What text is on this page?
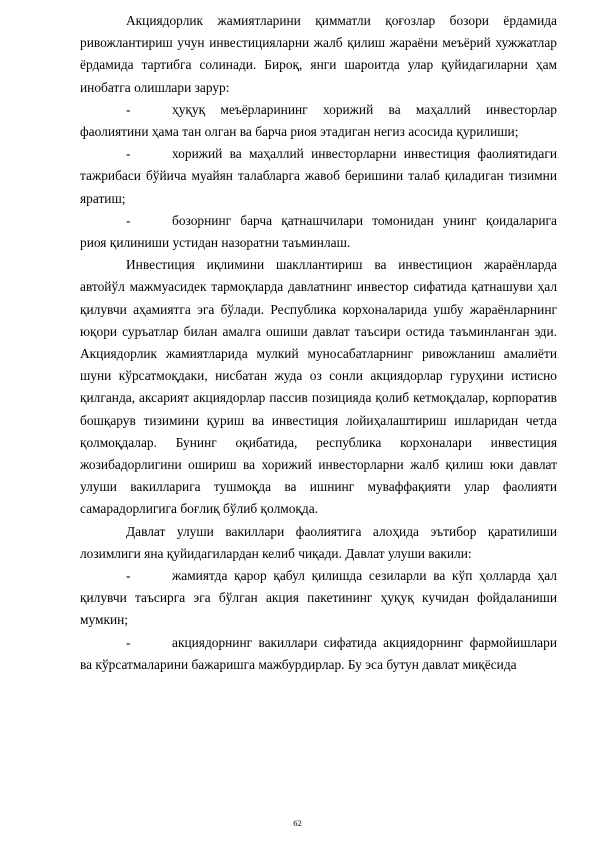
Акциядорлик жамиятларини қимматли қоғозлар бозори ёрдамида ривожлантириш учун инвестицияларни жалб қилиш жараёни меъёрий хужжатлар ёрдамида тартибга солинади. Бироқ, янги шароитда улар қуйидагиларни ҳам инобатга олишлари зарур:

-	ҳуқуқ меъёрларининг хорижий ва маҳаллий инвесторлар фаолиятини ҳама тан олган ва барча риоя этадиган негиз асосида қурилиши;

-	хорижий ва маҳаллий инвесторларни инвестиция фаолиятидаги тажрибаси бўйича муайян талабларга жавоб беришини талаб қиладиган тизимни яратиш;

-	бозорнинг барча қатнашчилари томонидан унинг қоидаларига риоя қилиниши устидан назоратни таъминлаш.

Инвестиция иқлимини шакллантириш ва инвестицион жараёнларда автойўл мажмуасидек тармоқларда давлатнинг инвестор сифатида қатнашуви ҳал қилувчи аҳамиятга эга бўлади. Республика корхоналарида ушбу жараёнларнинг юқори суръатлар билан амалга ошиши давлат таъсири остида таъминланган эди. Акциядорлик жамиятларида мулкий муносабатларнинг ривожланиш амалиёти шуни кўрсатмоқдаки, нисбатан жуда оз сонли акциядорлар гуруҳини истисно қилганда, аксарият акциядорлар пассив позицияда қолиб кетмоқдалар, корпоратив бошқарув тизимини қуриш ва инвестиция лойиҳалаштириш ишларидан четда қолмоқдалар. Бунинг оқибатида, республика корхоналари инвестиция жозибадорлигини ошириш ва хорижий инвесторларни жалб қилиш юки давлат улуши вакилларига тушмоқда ва ишнинг муваффақияти улар фаолияти самарадорлигига боғлиқ бўлиб қолмоқда.

Давлат улуши вакиллари фаолиятига алоҳида эътибор қаратилиши лозимлиги яна қуйидагилардан келиб чиқади. Давлат улуши вакили:

-	жамиятда қарор қабул қилишда сезиларли ва кўп ҳолларда ҳал қилувчи таъсирга эга бўлган акция пакетининг ҳуқуқ кучидан фойдаланиши мумкин;

-	акциядорнинг вакиллари сифатида акциядорнинг фармойишлари ва кўрсатмаларини бажаришга мажбурдирлар. Бу эса бутун давлат миқёсида

62
